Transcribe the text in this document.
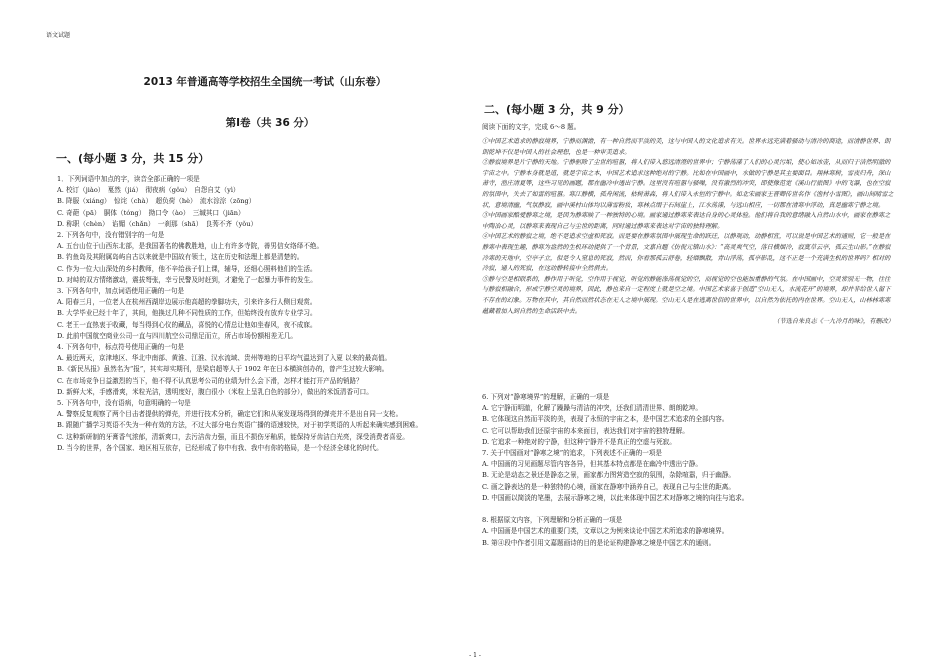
语文试题
2013 年普通高等学校招生全国统一考试（山东卷）
第Ⅰ卷（共 36 分）
一、(每小题 3 分，共 15 分）
1．下列词语中加点的字，读音全部正确的一项是
A. 校订（jiào）　戛然（jiá）　彻夜病（gǒu）　自怨自艾（yì）
B. 降服（xiáng）　惊诧（chà）　超负荷（hè）　流水淙淙（zōng）
C. 奇葩（pā）　胴体（tóng）　拗口令（ào）　三缄其口（jiān）
D. 称职（chèn）　谄媚（chǎn）　一刹那（shā）　良莠不齐（yǒu）
2. 下列各句中，没有错别字的一句是
A. 五台山位于山西东北部，是我国著名的佛教胜地，山上有许多寺院，善男信女络绎不绝。
B. 钓鱼岛及其附属岛屿自古以来就是中国故有领土，这在历史和法理上都是清楚的。
C. 作为一位大山深处的乡村教师，他不辛给孩子们上课，辅导，还细心照料他们的生活。
D. 对峙的双方情绪激动，震拔弩张，幸亏民警及时赶到，才避免了一起暴力事件的发生。
3. 下列各句中，加点词语使用正确的一句是
A. 阳春三月，一位老人在杭州西湖岸边展示他高超的拳脚功夫，引来许多行人侧目观赏。
B. 大学毕业已经十年了，其间，他换过几种不同性质的工作，但始终没有放弃专业学习。
C. 老王一直热衷于收藏，每当得到心仪的藏品，喜悦的心情总让他如坐春风，夜不成寐。
D. 此前中国航空商业公司一直与四川航空公司鼎足而立，所占市场份额相差无几。
4. 下列各句中，标点符号使用正确的一句是
A. 最近两天，京津地区、华北中南部、黄淮、江淮、汉水流域、贵州等地的日平均气温达到了入夏 以来的最高值。
B.《新民丛报》虽然名为“报”，其实却实期刊，是梁启超等人于 1902 年在日本横滨创办的，曾产生过较大影响。
C. 在市场竞争日益激烈的当下，他不得不认真思考公司的业绩为什么会下滑，怎样才能打开产品的销路？
D. 新鲜大米，手感滑爽，米粒光洁，透明度好，腹白很小（米粒上呈乳白色的部分），做出的米饭清香可口。
5. 下列各句中，没有语病，句意明确的一句是
A. 警察反复观察了两个目击者提供的弹壳，并进行技术分析，确定它们和从案发现场得到的弹壳并不是出自同一支枪。
B. 跟随广播学习英语不失为一种有效的方法，不过大部分电台英语广播的语速较快，对于初学英语的人听起来确实感到困难。
C. 这种新研制的牙膏香气浓郁，清新爽口，去污洁齿力强，而且不损伤牙釉质，能保持牙齿洁白光亮，深受消费者喜爱。
D. 当今的世界，各个国家、地区相互依存，已经形成了你中有我、我中有你的格局，是一个经济全球化的时代。
二、(每小题 3 分，共 9 分）
阅读下面的文字，完成 6～8 题。
①中国艺术追求的静寂境界，宁静而渊澹，有一种自然而平淡的美，这与中国人的文化追求有关。世界永远充满着骚动与清冷的商途，而清静世界、朗朗乾坤不仅是中国人的社会理想，也是一种审美追求。
②静寂境界是片宁静的天地。宁静驱除了尘世的喧嚣，将人们带入悠远清澄的世界中；宁静荡漾了人们的心灵污垢，使心如冰壶，从而归于洁然明澈的宇宙之中。宁静本身就是道，就是宇宙之本，中国艺术追求这种绝对的宁静。比如在中国画中，水做的宁静是其主要面目。翔林寒树，雪夜归舟，深山萧寺，渔庄清夏等，这些习见的画题，都在幽冷中透出宁静。这里没有喧嚣与骚噪，没有激烈的冲突，即使像范宽《溪山行旅图》中的飞瀑，也在空寂的氛围中，失去了如雷的喧嚣。寒江静横，孤舟闲流，枯树萧森，将人们带入永恒的宁静中。如北宋画家王晋卿传世名作《渔村小雪图》，画山间晴雪之状，意境清幽，气氛静寂，画中溪村山体均以薄雪粉妆，寒林点缀于石间崖上，江水荡漾，与远山相应，一切都在清寒中浮动，真是幽寒宁静之境。
③中国画家酷爱静寒之境，是因为静寒映了一种独特的心境。画家通过静寒来表达自身的心灵体验。他们将自我的意绪融入自然山水中，画家在静寒之中陶冶心灵，以静寒来表现自己与尘世的距离，同时通过静寒来表达对宇宙的独特理解。
④中国艺术的静寂之境，绝不是追求空虚和死寂。而是要在静寒氛围中展现生命的跃迁，以静观动，动静相宜，可以说是中国艺术的通则，它一般是在静寒中表现生趣，静寒为盎然的生机环动提供了一个背景，文嘉自题《仿倪元镇山水》：“高灵爽气空，落日横烟冷，寂寞草云亭，孤云生山影。”在静寂冷寒的天地中，空亭孑立，似是令人窒息的死寂，然而，你看那孤云舒卷，轻烟飘散，青山浮荡，孤亭影乱，这不正是一个充满生机的世界吗？相对的冷寂，通人的死寂，在这动静转接中全然俱去。
⑤静与空是相联系的，静作用于听觉，空作用于视觉，听觉的静能涤荡视觉的空，而视觉的空也能加重静的气氛。在中国画中，空灵常别无一物，往往与静寂相融合，形成宁静空灵的境界，因此，静也来自一定程度上就是空之境。中国艺术家喜于创造“空山无人，水流花开”的境界，却并非给世人留下不存在的幻象。万物在其中，其自然而然状态在无人之境中展现。空山无人是在逃离世俗的世界中，以自然为依托的内在世界。空山无人，山林林寒寒蕴藏着加入到自然的生命活跃中去。
（节选自朱良志《一九冷月的味》，有删改）
6. 下列对“静寒境界”的理解，正确的一项是
A. 它宁静而明澈，化解了躁躁与清洁的冲突，还我们清清世界、朗朗乾坤。
B. 它体现这自然而平淡的美，表现了永恒的宇宙之本，是中国艺术追求的全部内容。
C. 它可以帮助我们还原宇宙的本来面目，表达我们对宇宙的独特理解。
D. 它追求一种绝对的宁静，但这种宁静并不是真正的空虚与死寂。
7. 关于中国画对“静寒之境”的追求，下列表述不正确的一项是
A. 中国画的习见画题尽管内容各异，但其基本特点都是在幽冷中透出宁静。
B. 无论是动态之景还是静态之景，画家都力图营造空寂的氛围，杂除喧嚣，归于幽静。
C. 画之静表达的是一种独特的心境，画家在静寒中涵养自己，表现自己与尘世的距离。
D. 中国画以简淡的笔墨，去展示静寒之境，以此来体现中国艺术对静寒之境的向往与追求。

8. 根据原文内容，下列理解和分析正确的一项是
A. 中国画是中国艺术的重要门类，文章以之为例来谈论中国艺术所追求的静寒境界。
B. 第④段中作者引用文嘉题画诗的目的是论证构建静寒之境是中国艺术的通则。
- 1 -
